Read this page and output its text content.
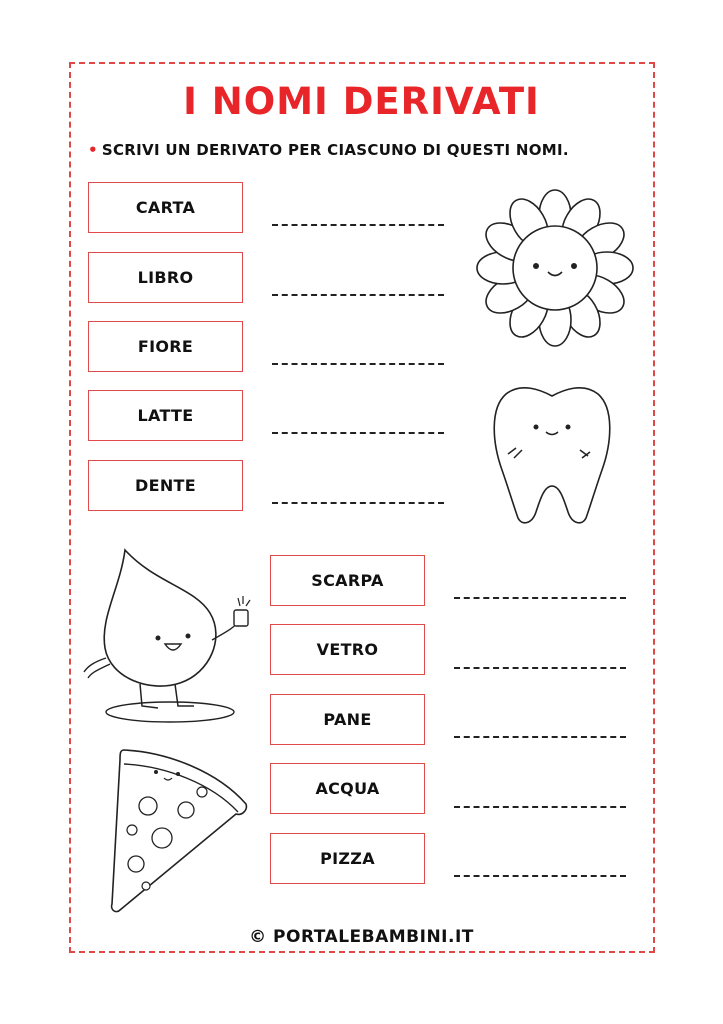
I NOMI DERIVATI
• SCRIVI UN DERIVATO PER CIASCUNO DI QUESTI NOMI.
CARTA
LIBRO
FIORE
LATTE
DENTE
SCARPA
VETRO
PANE
ACQUA
PIZZA
© PORTALEBAMBINI.IT
